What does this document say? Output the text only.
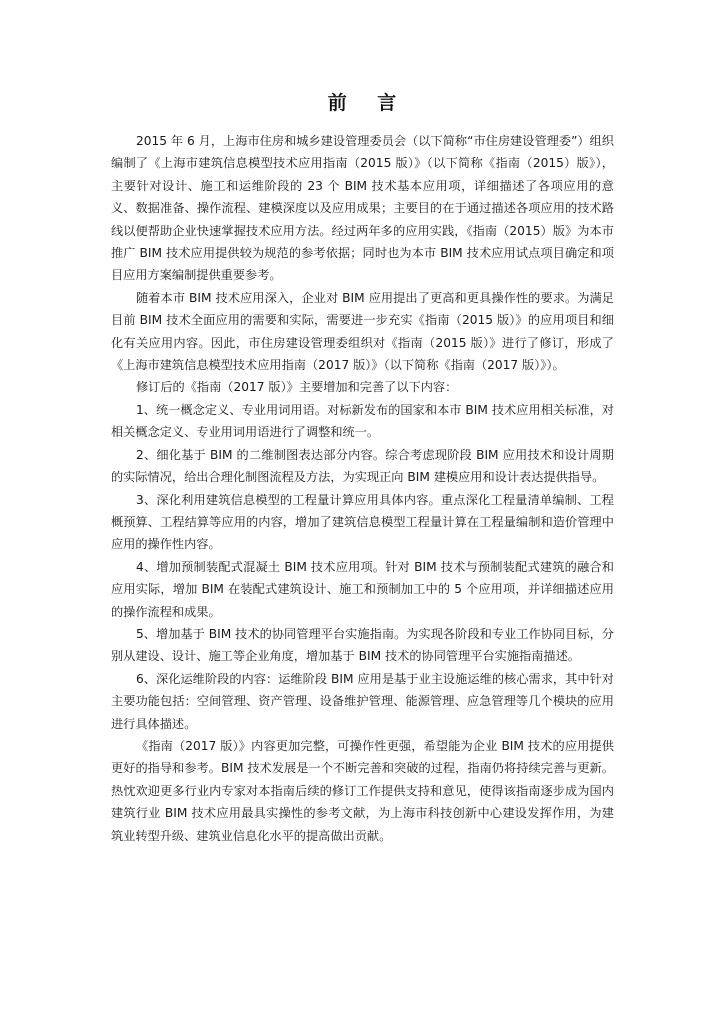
前 言

2015 年 6 月，上海市住房和城乡建设管理委员会（以下简称“市住房建设管理委”）组织编制了《上海市建筑信息模型技术应用指南（2015 版）》（以下简称《指南（2015）版》），主要针对设计、施工和运维阶段的 23 个 BIM 技术基本应用项，详细描述了各项应用的意义、数据准备、操作流程、建模深度以及应用成果；主要目的在于通过描述各项应用的技术路线以便帮助企业快速掌握技术应用方法。经过两年多的应用实践，《指南（2015）版》为本市推广 BIM 技术应用提供较为规范的参考依据；同时也为本市 BIM 技术应用试点项目确定和项目应用方案编制提供重要参考。

随着本市 BIM 技术应用深入，企业对 BIM 应用提出了更高和更具操作性的要求。为满足目前 BIM 技术全面应用的需要和实际，需要进一步充实《指南（2015 版）》的应用项目和细化有关应用内容。因此，市住房建设管理委组织对《指南（2015 版）》进行了修订，形成了《上海市建筑信息模型技术应用指南（2017 版）》（以下简称《指南（2017 版）》）。

修订后的《指南（2017 版）》主要增加和完善了以下内容：

1、统一概念定义、专业用词用语。对标新发布的国家和本市 BIM 技术应用相关标准，对相关概念定义、专业用词用语进行了调整和统一。

2、细化基于 BIM 的二维制图表达部分内容。综合考虑现阶段 BIM 应用技术和设计周期的实际情况，给出合理化制图流程及方法，为实现正向 BIM 建模应用和设计表达提供指导。

3、深化利用建筑信息模型的工程量计算应用具体内容。重点深化工程量清单编制、工程概预算、工程结算等应用的内容，增加了建筑信息模型工程量计算在工程量编制和造价管理中应用的操作性内容。

4、增加预制装配式混凝土 BIM 技术应用项。针对 BIM 技术与预制装配式建筑的融合和应用实际，增加 BIM 在装配式建筑设计、施工和预制加工中的 5 个应用项，并详细描述应用的操作流程和成果。

5、增加基于 BIM 技术的协同管理平台实施指南。为实现各阶段和专业工作协同目标，分别从建设、设计、施工等企业角度，增加基于 BIM 技术的协同管理平台实施指南描述。

6、深化运维阶段的内容：运维阶段 BIM 应用是基于业主设施运维的核心需求，其中针对主要功能包括：空间管理、资产管理、设备维护管理、能源管理、应急管理等几个模块的应用进行具体描述。

《指南（2017 版）》内容更加完整，可操作性更强，希望能为企业 BIM 技术的应用提供更好的指导和参考。BIM 技术发展是一个不断完善和突破的过程，指南仍将持续完善与更新。热忱欢迎更多行业内专家对本指南后续的修订工作提供支持和意见，使得该指南逐步成为国内建筑行业 BIM 技术应用最具实操性的参考文献，为上海市科技创新中心建设发挥作用，为建筑业转型升级、建筑业信息化水平的提高做出贡献。
